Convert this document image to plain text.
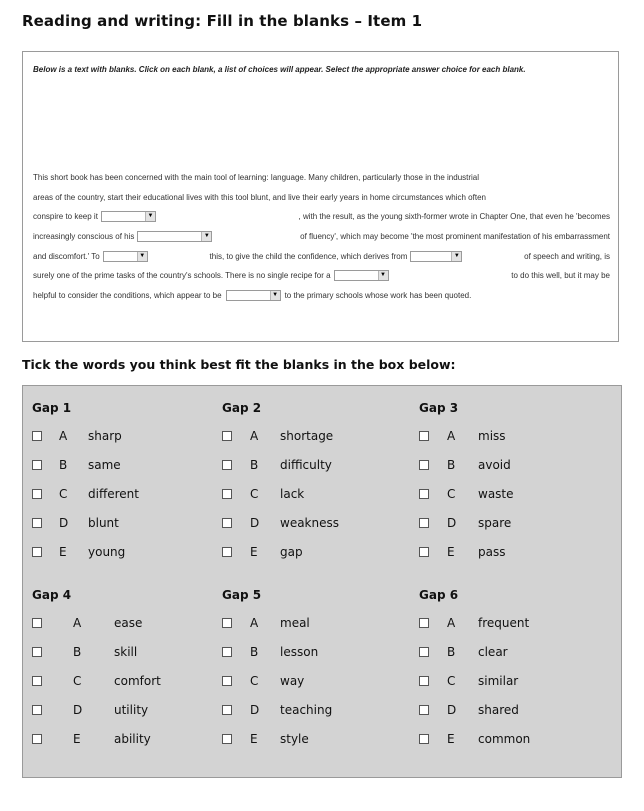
Reading and writing: Fill in the blanks – Item 1
Below is a text with blanks. Click on each blank, a list of choices will appear. Select the appropriate answer choice for each blank.
This short book has been concerned with the main tool of learning: language. Many children, particularly those in the industrial
areas of the country, start their educational lives with this tool blunt, and live their early years in home circumstances which often
conspire to keep it	▼	, with the result, as the young sixth-former wrote in Chapter One, that even he 'becomes
increasingly conscious of his	▼	of fluency', which may become 'the most prominent manifestation of his embarrassment
and discomfort.' To	▼	this, to give the child the confidence, which derives from	▼	of speech and writing, is
surely one of the prime tasks of the country's schools. There is no single recipe for a	▼	to do this well, but it may be
helpful to consider the conditions, which appear to be	▼ to the primary schools whose work has been quoted.
Tick the words you think best fit the blanks in the box below:
Gap 1
A sharp
B same
C different
D blunt
E young
Gap 2
A shortage
B difficulty
C lack
D weakness
E gap
Gap 3
A miss
B avoid
C waste
D spare
E pass
Gap 4
A	ease
B	skill
C	comfort
D	utility
E	ability
Gap 5
A meal
B lesson
C way
D teaching
E style
Gap 6
A frequent
B clear
C similar
D shared
E common
